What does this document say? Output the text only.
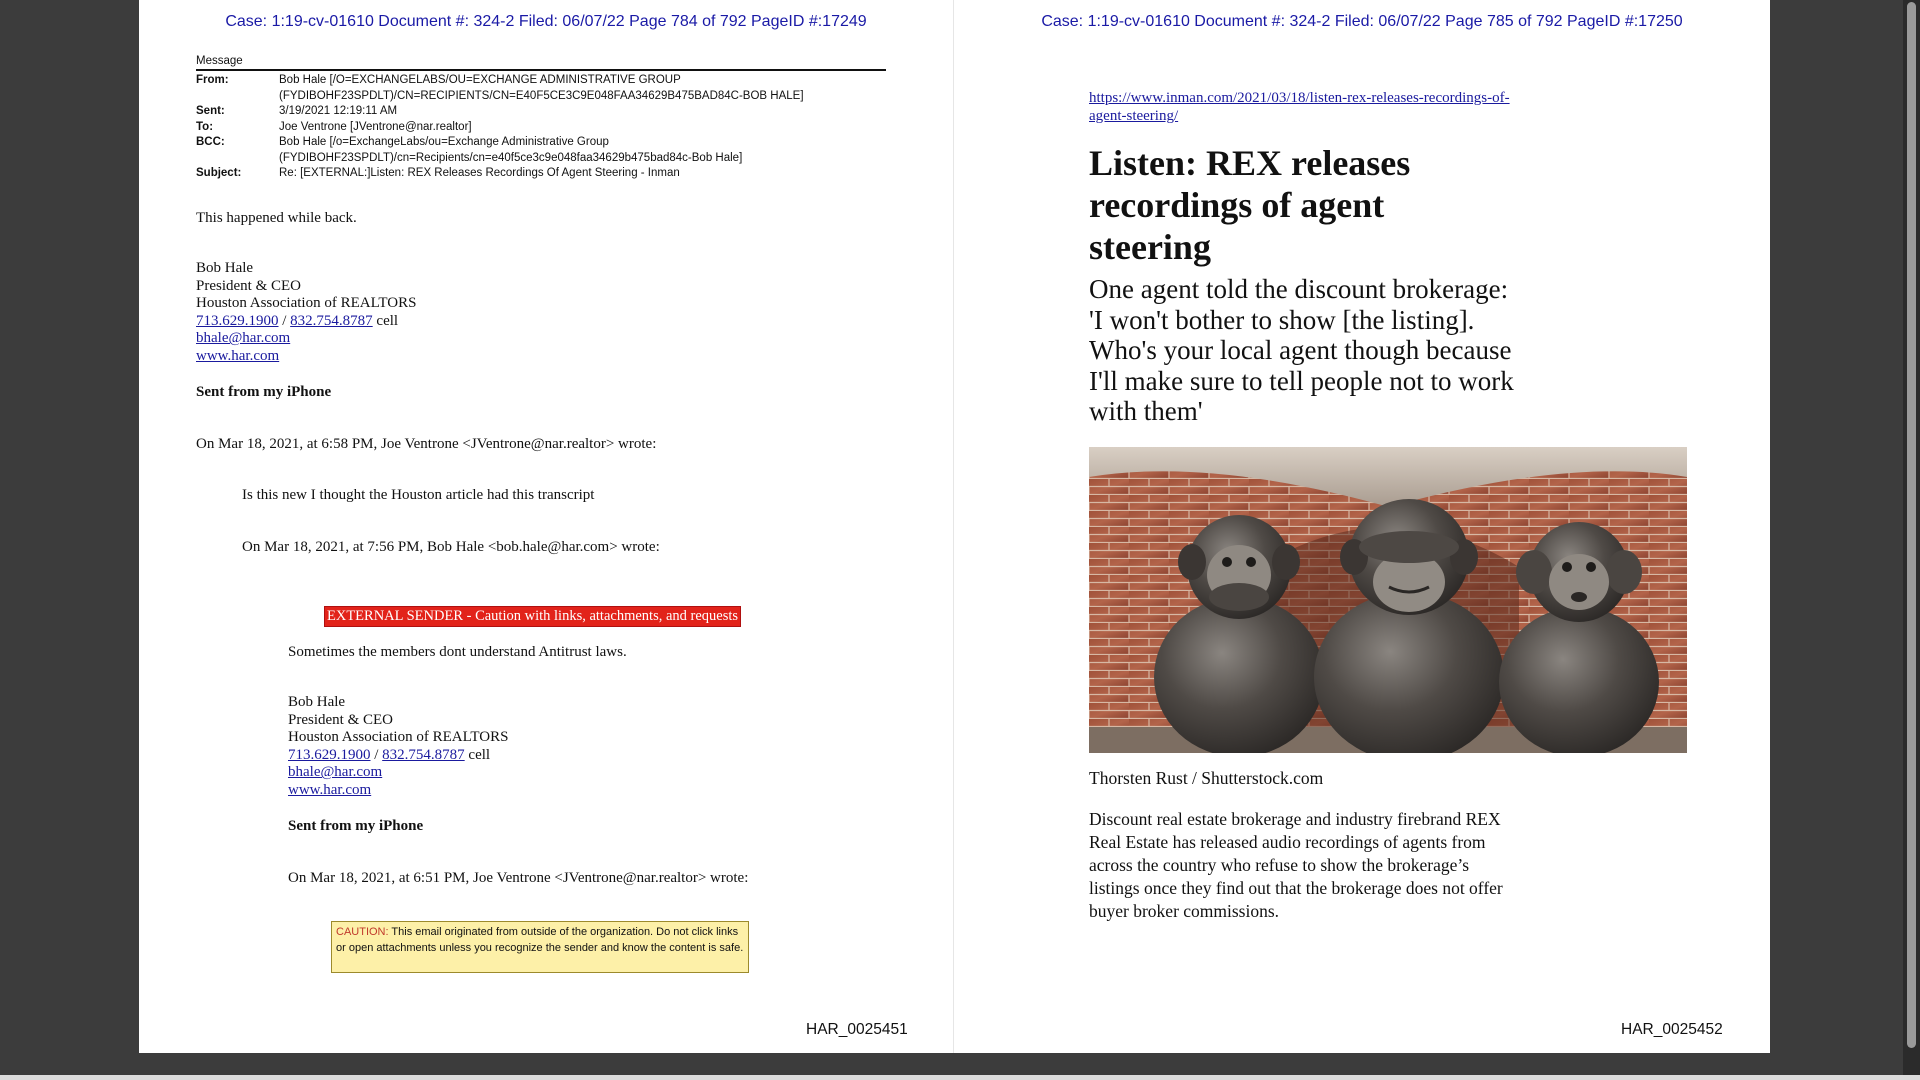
Case: 1:19-cv-01610 Document #: 324-2 Filed: 06/07/22 Page 784 of 792 PageID #:17249
Message
From:	Bob Hale [/O=EXCHANGELABS/OU=EXCHANGE ADMINISTRATIVE GROUP
(FYDIBOHF23SPDLT)/CN=RECIPIENTS/CN=E40F5CE3C9E048FAA34629B475BAD84C-BOB HALE]
Sent:	3/19/2021 12:19:11 AM
To:	Joe Ventrone [JVentrone@nar.realtor]
BCC:	Bob Hale [/o=ExchangeLabs/ou=Exchange Administrative Group
(FYDIBOHF23SPDLT)/cn=Recipients/cn=e40f5ce3c9e048faa34629b475bad84c-Bob Hale]
Subject:	Re: [EXTERNAL:]Listen: REX Releases Recordings Of Agent Steering - Inman
This happened while back.
Bob Hale
President & CEO
Houston Association of REALTORS
713.629.1900 / 832.754.8787 cell
bhale@har.com
www.har.com
Sent from my iPhone
On Mar 18, 2021, at 6:58 PM, Joe Ventrone <JVentrone@nar.realtor> wrote:
Is this new I thought the Houston article had this transcript
On Mar 18, 2021, at 7:56 PM, Bob Hale <bob.hale@har.com> wrote:
EXTERNAL SENDER - Caution with links, attachments, and requests
Sometimes the members dont understand Antitrust laws.
Bob Hale
President & CEO
Houston Association of REALTORS
713.629.1900 / 832.754.8787 cell
bhale@har.com
www.har.com
Sent from my iPhone
On Mar 18, 2021, at 6:51 PM, Joe Ventrone <JVentrone@nar.realtor> wrote:
CAUTION: This email originated from outside of the organization. Do not click links or open attachments unless you recognize the sender and know the content is safe.
HAR_0025451
Case: 1:19-cv-01610 Document #: 324-2 Filed: 06/07/22 Page 785 of 792 PageID #:17250
https://www.inman.com/2021/03/18/listen-rex-releases-recordings-of-agent-steering/
Listen: REX releases recordings of agent steering
One agent told the discount brokerage: 'I won't bother to show [the listing]. Who's your local agent though because I'll make sure to tell people not to work with them'
Thorsten Rust / Shutterstock.com
Discount real estate brokerage and industry firebrand REX Real Estate has released audio recordings of agents from across the country who refuse to show the brokerage’s listings once they find out that the brokerage does not offer buyer broker commissions.
HAR_0025452
